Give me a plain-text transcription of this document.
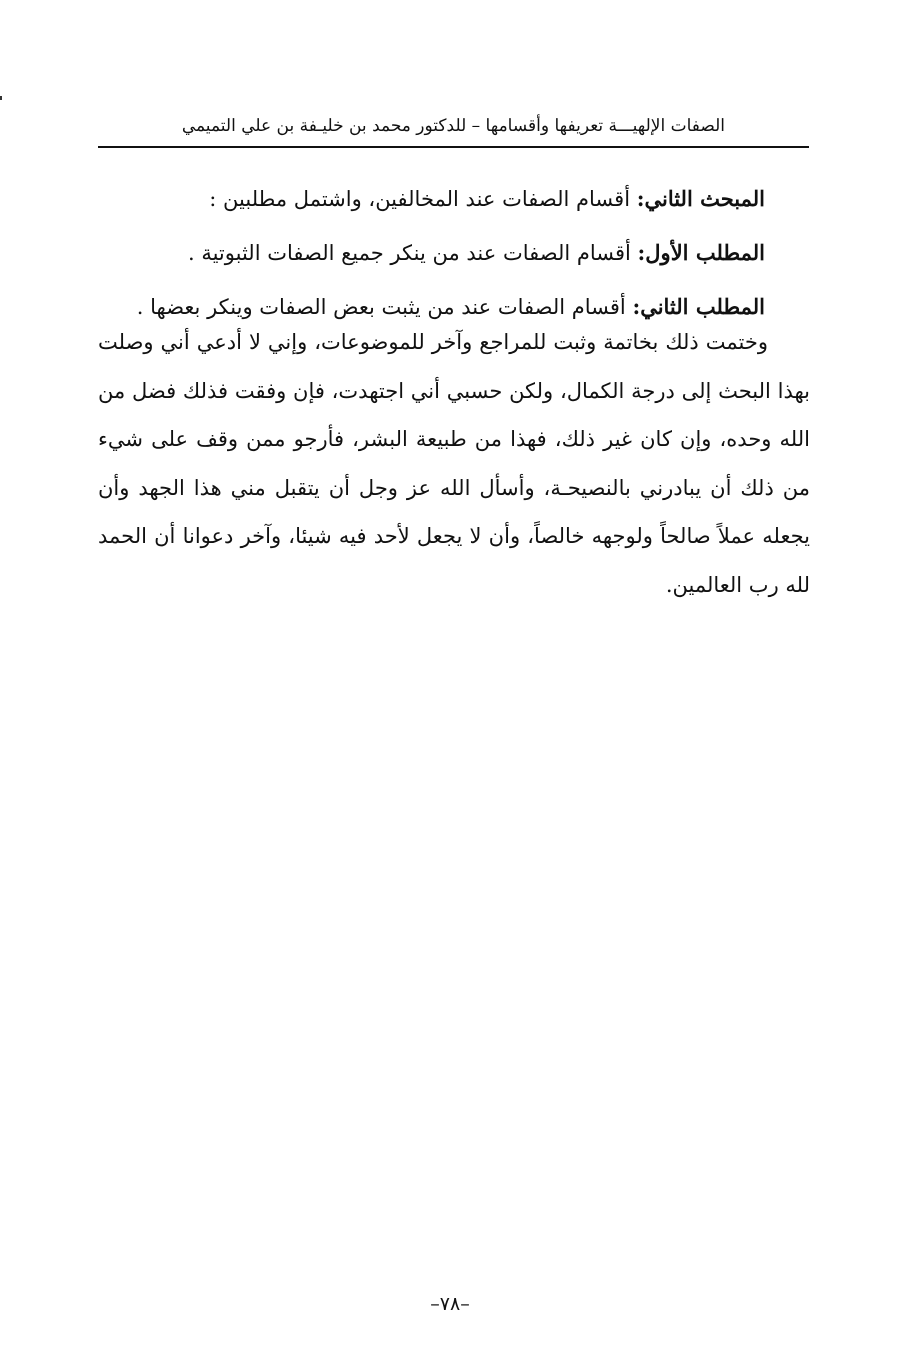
الصفات الإلهيـــة تعريفها وأقسامها – للدكتور محمد بن خليـفة بن علي التميمي
المبحث الثاني: أقسام الصفات عند المخالفين، واشتمل مطلبين :
المطلب الأول: أقسام الصفات عند من ينكر جميع الصفات الثبوتية .
المطلب الثاني: أقسام الصفات عند من يثبت بعض الصفات وينكر بعضها .
وختمت ذلك بخاتمة وثبت للمراجع وآخر للموضوعات، وإني لا أدعي أني وصلت بهذا البحث إلى درجة الكمال، ولكن حسبي أني اجتهدت، فإن وفقت فذلك فضل من الله وحده، وإن كان غير ذلك، فهذا من طبيعة البشر، فأرجو ممن وقف على شيء من ذلك أن يبادرني بالنصيحـة، وأسأل الله عز وجل أن يتقبل مني هذا الجهد وأن يجعله عملاً صالحاً ولوجهه خالصاً، وأن لا يجعل لأحد فيه شيئا، وآخر دعوانا أن الحمد لله رب العالمين.
–٧٨–
